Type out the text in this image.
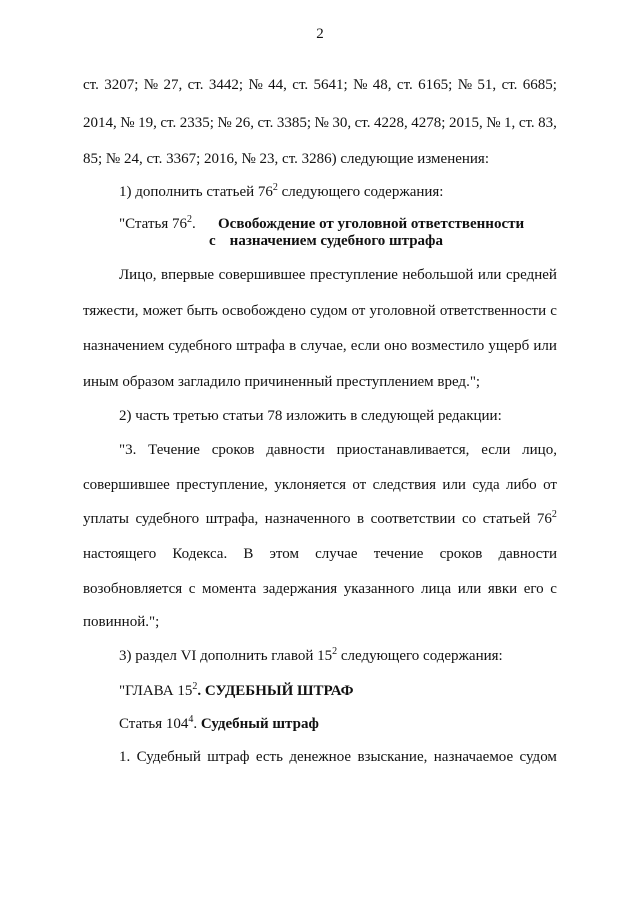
2
ст. 3207; № 27, ст. 3442; № 44, ст. 5641; № 48, ст. 6165; № 51, ст. 6685;
2014, № 19, ст. 2335; № 26, ст. 3385; № 30, ст. 4228, 4278; 2015, № 1, ст. 83,
85; № 24, ст. 3367; 2016, № 23, ст. 3286) следующие изменения:
1) дополнить статьей $76^2$ следующего содержания:
"Статья $76^2$. Освобождение от уголовной ответственности
с назначением судебного штрафа
Лицо, впервые совершившее преступление небольшой или средней
тяжести, может быть освобождено судом от уголовной ответственности с
назначением судебного штрафа в случае, если оно возместило ущерб или
иным образом загладило причиненный преступлением вред.";
2) часть третью статьи 78 изложить в следующей редакции:
"3. Течение сроков давности приостанавливается, если лицо,
совершившее преступление, уклоняется от следствия или суда либо от
уплаты судебного штрафа, назначенного в соответствии со статьей $76^2$
настоящего Кодекса. В этом случае течение сроков давности
возобновляется с момента задержания указанного лица или явки его с
повинной.";
3) раздел VI дополнить главой $15^2$ следующего содержания:
"ГЛАВА $15^2$. СУДЕБНЫЙ ШТРАФ
Статья $104^4$. Судебный штраф
1. Судебный штраф есть денежное взыскание, назначаемое судом
